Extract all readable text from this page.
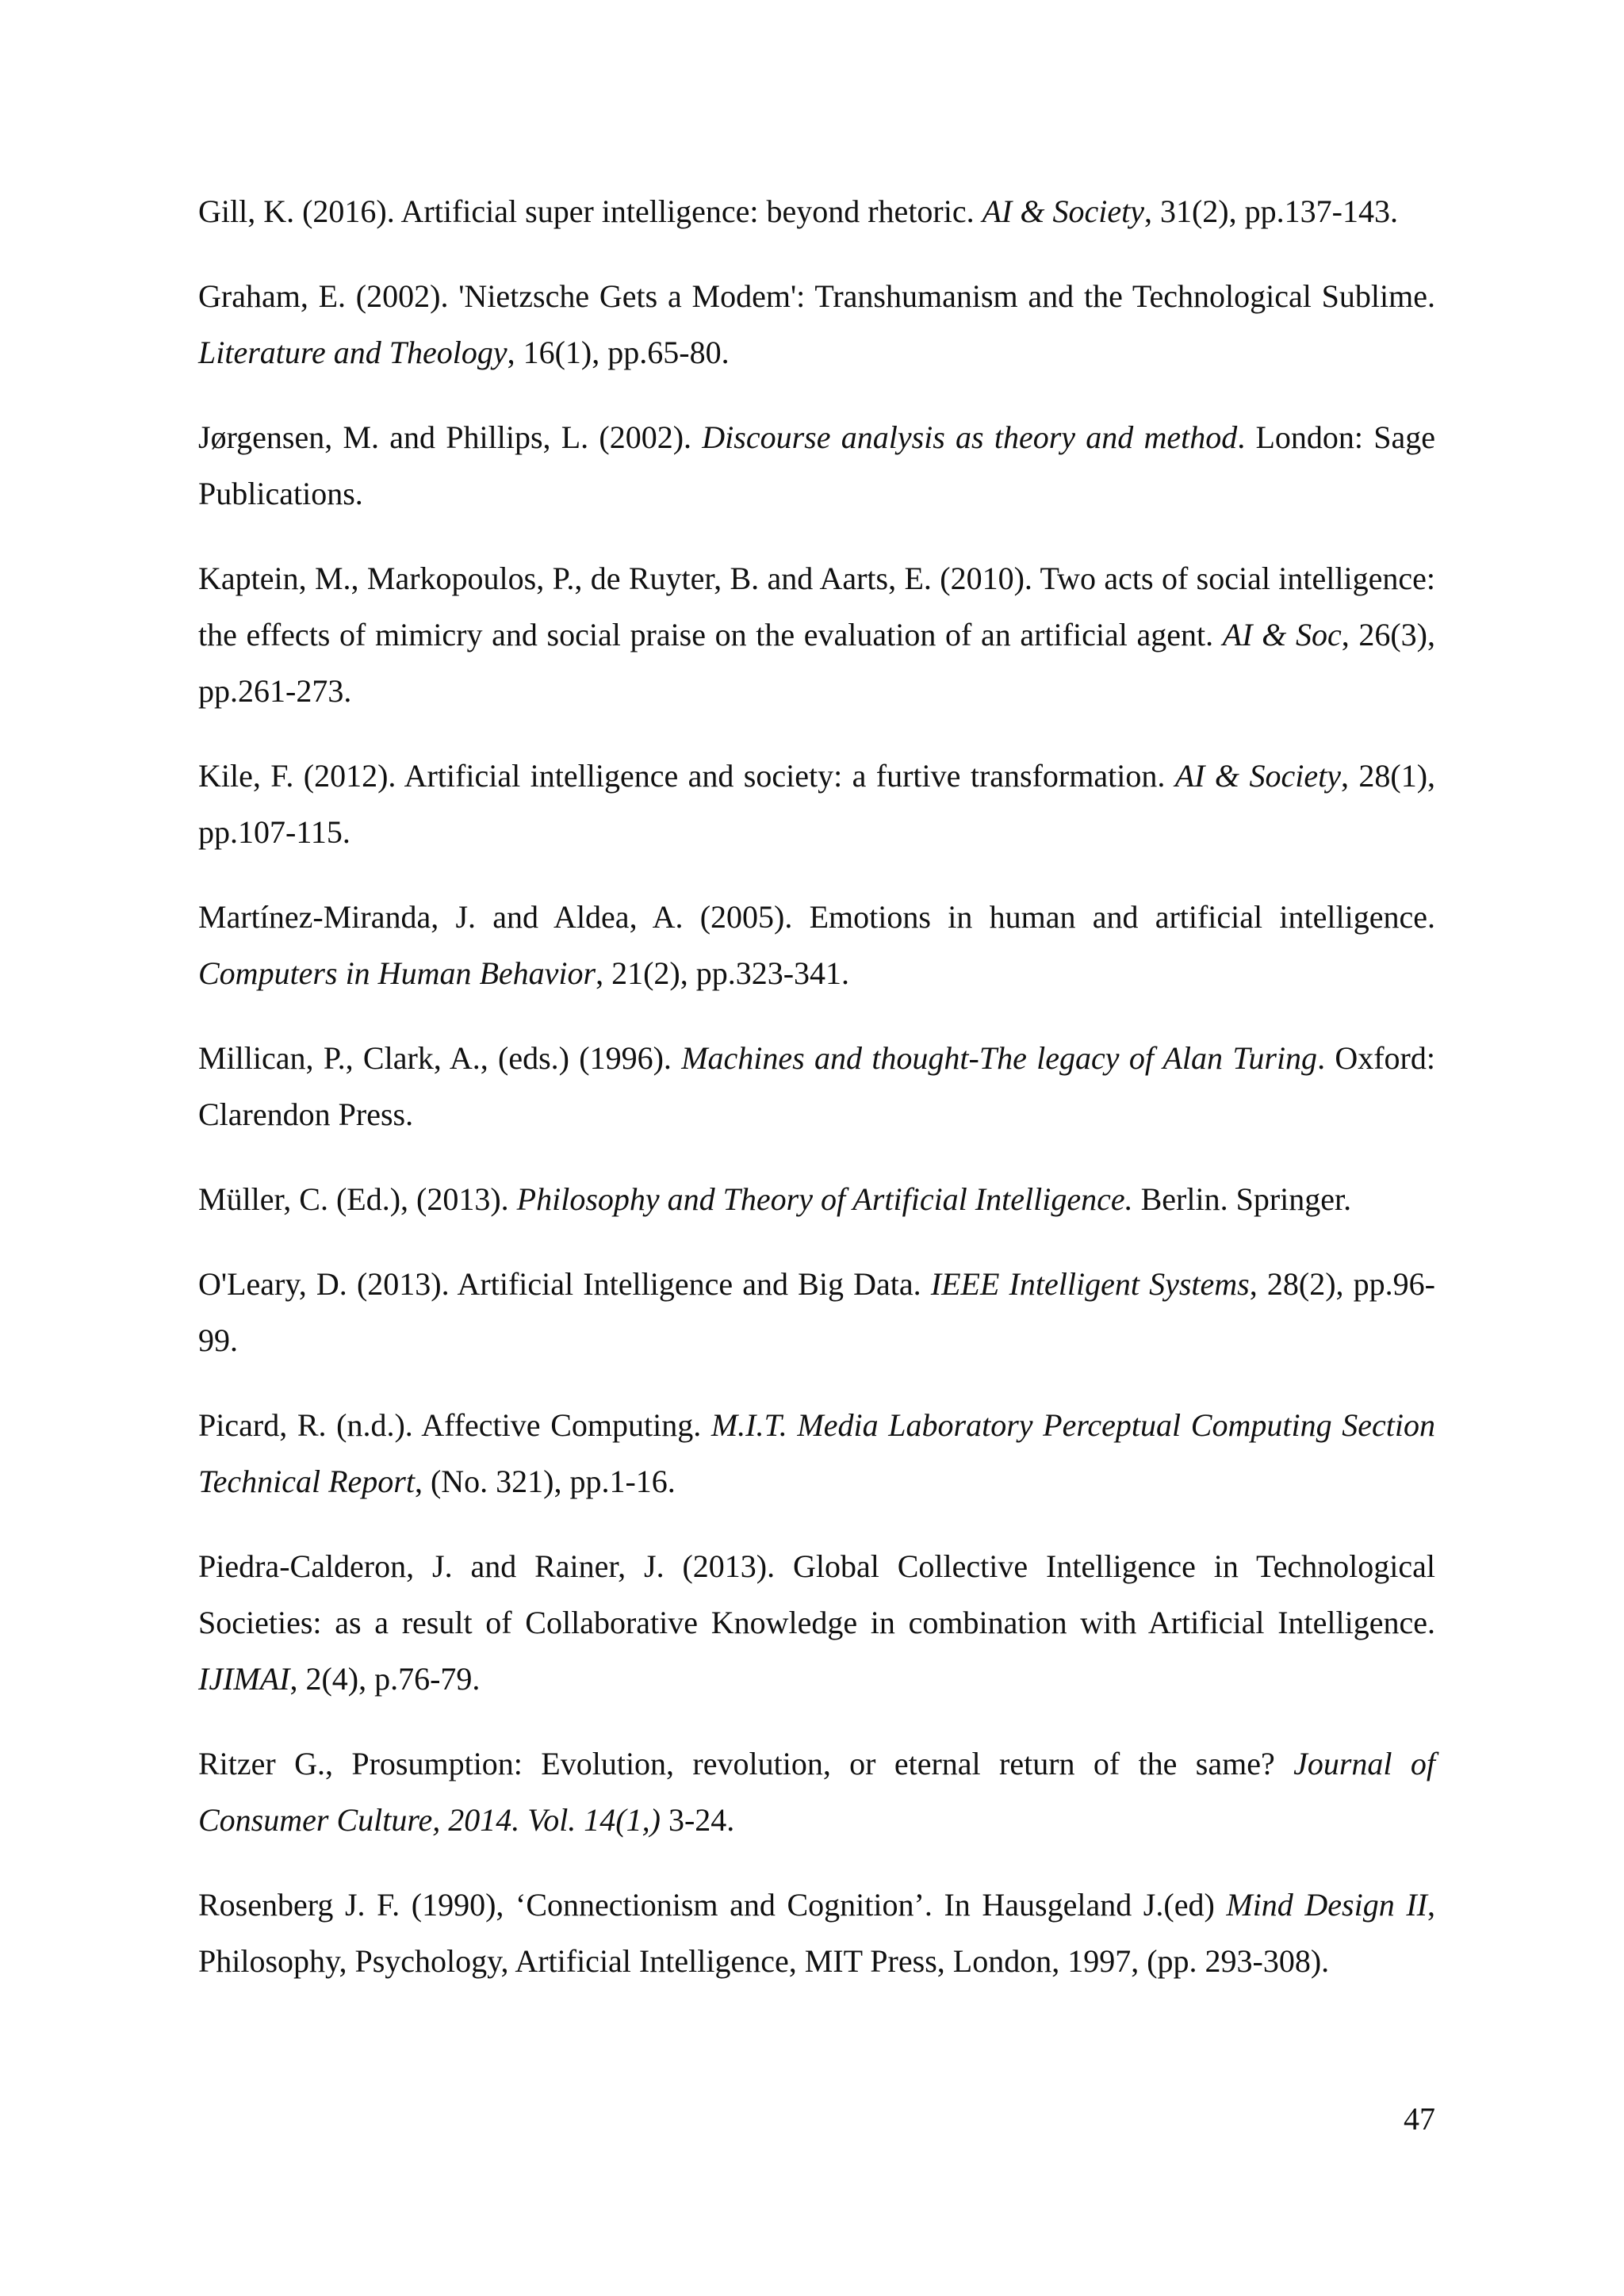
Gill, K. (2016). Artificial super intelligence: beyond rhetoric. AI & Society, 31(2), pp.137-143.

Graham, E. (2002). 'Nietzsche Gets a Modem': Transhumanism and the Technological Sublime. Literature and Theology, 16(1), pp.65-80.

Jørgensen, M. and Phillips, L. (2002). Discourse analysis as theory and method. London: Sage Publications.

Kaptein, M., Markopoulos, P., de Ruyter, B. and Aarts, E. (2010). Two acts of social intelligence: the effects of mimicry and social praise on the evaluation of an artificial agent. AI & Soc, 26(3), pp.261-273.

Kile, F. (2012). Artificial intelligence and society: a furtive transformation. AI & Society, 28(1), pp.107-115.

Martínez-Miranda, J. and Aldea, A. (2005). Emotions in human and artificial intelligence. Computers in Human Behavior, 21(2), pp.323-341.

Millican, P., Clark, A., (eds.) (1996). Machines and thought-The legacy of Alan Turing. Oxford: Clarendon Press.

Müller, C. (Ed.), (2013). Philosophy and Theory of Artificial Intelligence. Berlin. Springer.

O'Leary, D. (2013). Artificial Intelligence and Big Data. IEEE Intelligent Systems, 28(2), pp.96-99.

Picard, R. (n.d.). Affective Computing. M.I.T. Media Laboratory Perceptual Computing Section Technical Report, (No. 321), pp.1-16.

Piedra-Calderon, J. and Rainer, J. (2013). Global Collective Intelligence in Technological Societies: as a result of Collaborative Knowledge in combination with Artificial Intelligence. IJIMAI, 2(4), p.76-79.

Ritzer G., Prosumption: Evolution, revolution, or eternal return of the same? Journal of Consumer Culture, 2014. Vol. 14(1,) 3-24.

Rosenberg J. F. (1990), ‘Connectionism and Cognition’. In Hausgeland J.(ed) Mind Design II, Philosophy, Psychology, Artificial Intelligence, MIT Press, London, 1997, (pp. 293-308).

47
